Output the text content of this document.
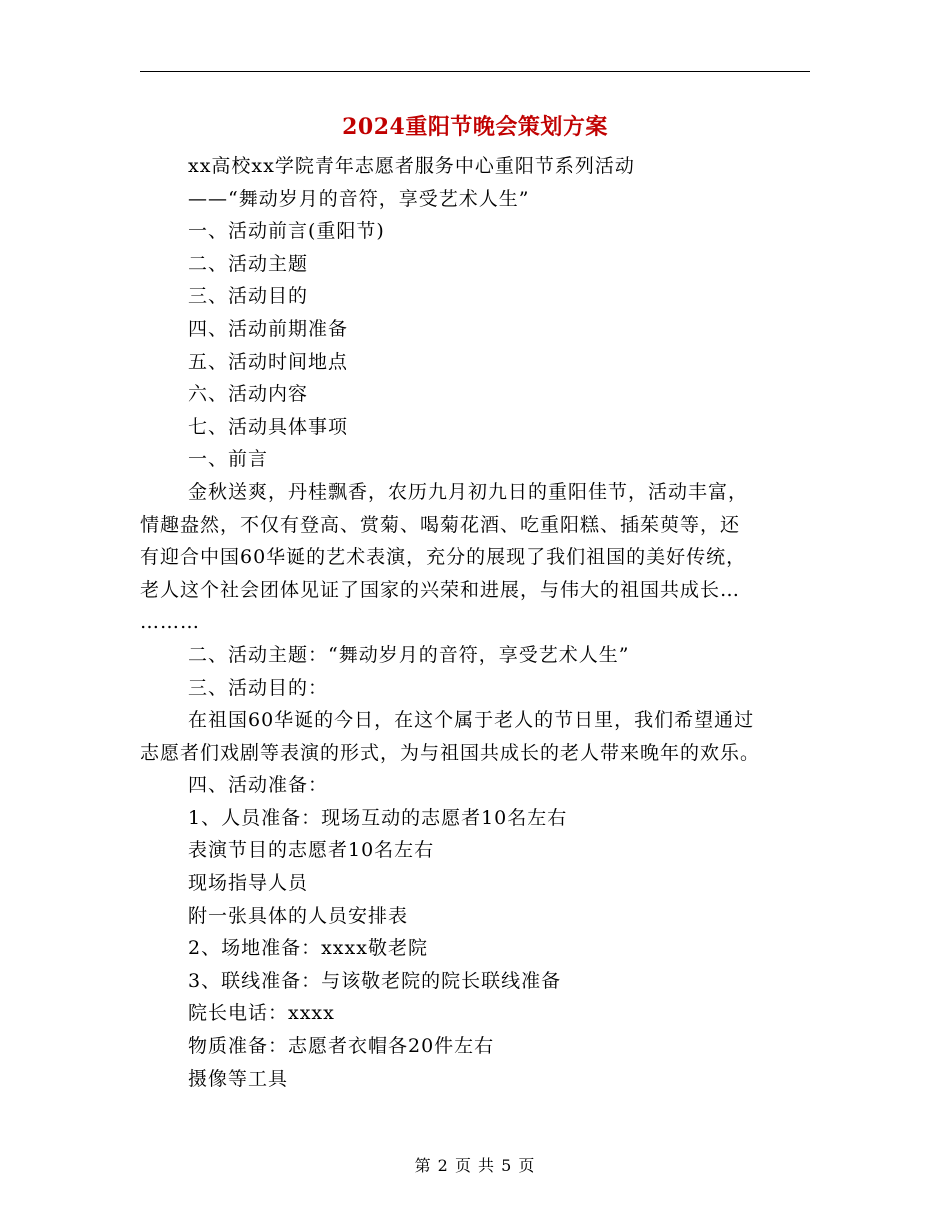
2024重阳节晚会策划方案
xx高校xx学院青年志愿者服务中心重阳节系列活动
——“舞动岁月的音符，享受艺术人生”
一、活动前言(重阳节)
二、活动主题
三、活动目的
四、活动前期准备
五、活动时间地点
六、活动内容
七、活动具体事项
一、前言
金秋送爽，丹桂飘香，农历九月初九日的重阳佳节，活动丰富，
情趣盎然，不仅有登高、赏菊、喝菊花酒、吃重阳糕、插茱萸等，还
有迎合中国60华诞的艺术表演，充分的展现了我们祖国的美好传统，
老人这个社会团体见证了国家的兴荣和进展，与伟大的祖国共成长…
………
二、活动主题：“舞动岁月的音符，享受艺术人生”
三、活动目的：
在祖国60华诞的今日，在这个属于老人的节日里，我们希望通过
志愿者们戏剧等表演的形式，为与祖国共成长的老人带来晚年的欢乐。
四、活动准备：
1、人员准备：现场互动的志愿者10名左右
表演节目的志愿者10名左右
现场指导人员
附一张具体的人员安排表
2、场地准备：xxxx敬老院
3、联线准备：与该敬老院的院长联线准备
院长电话：xxxx
物质准备：志愿者衣帽各20件左右
摄像等工具
第 2 页 共 5 页
